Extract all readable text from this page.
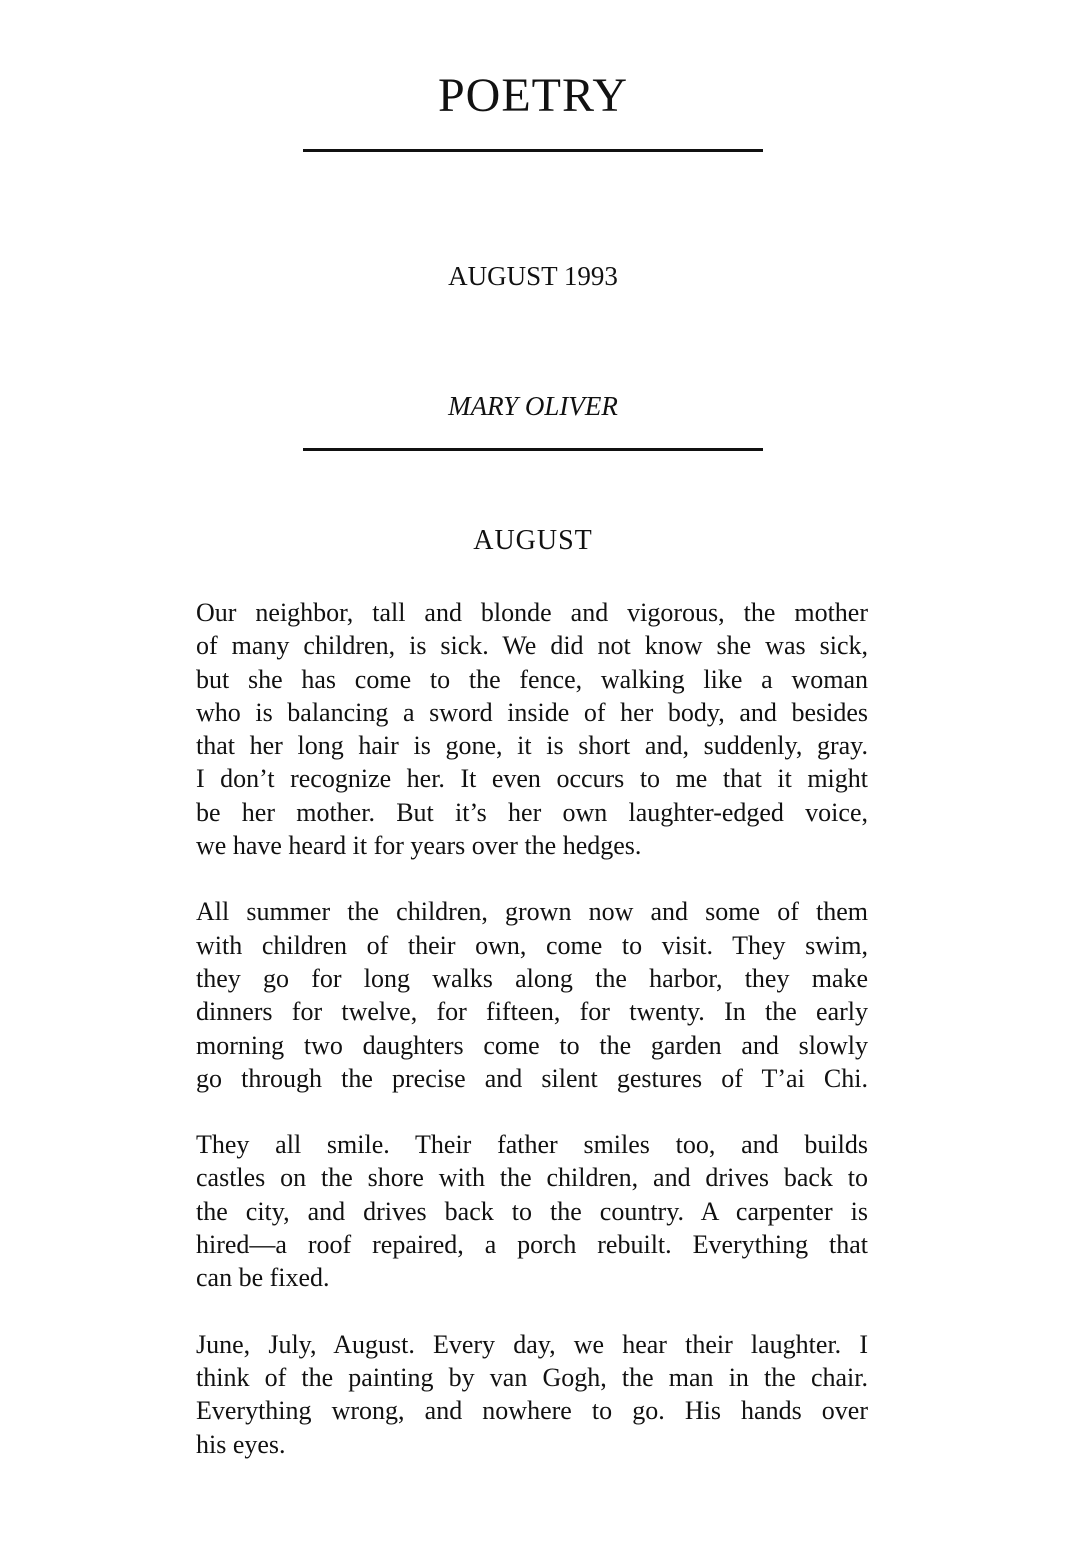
POETRY
AUGUST 1993
MARY OLIVER
AUGUST

Our neighbor, tall and blonde and vigorous, the mother
of many children, is sick. We did not know she was sick,
but she has come to the fence, walking like a woman
who is balancing a sword inside of her body, and besides
that her long hair is gone, it is short and, suddenly, gray.
I don’t recognize her. It even occurs to me that it might
be her mother. But it’s her own laughter-edged voice,
we have heard it for years over the hedges.

All summer the children, grown now and some of them
with children of their own, come to visit. They swim,
they go for long walks along the harbor, they make
dinners for twelve, for fifteen, for twenty. In the early
morning two daughters come to the garden and slowly
go through the precise and silent gestures of T’ai Chi.

They all smile. Their father smiles too, and builds
castles on the shore with the children, and drives back to
the city, and drives back to the country. A carpenter is
hired—a roof repaired, a porch rebuilt. Everything that
can be fixed.

June, July, August. Every day, we hear their laughter. I
think of the painting by van Gogh, the man in the chair.
Everything wrong, and nowhere to go. His hands over
his eyes.
